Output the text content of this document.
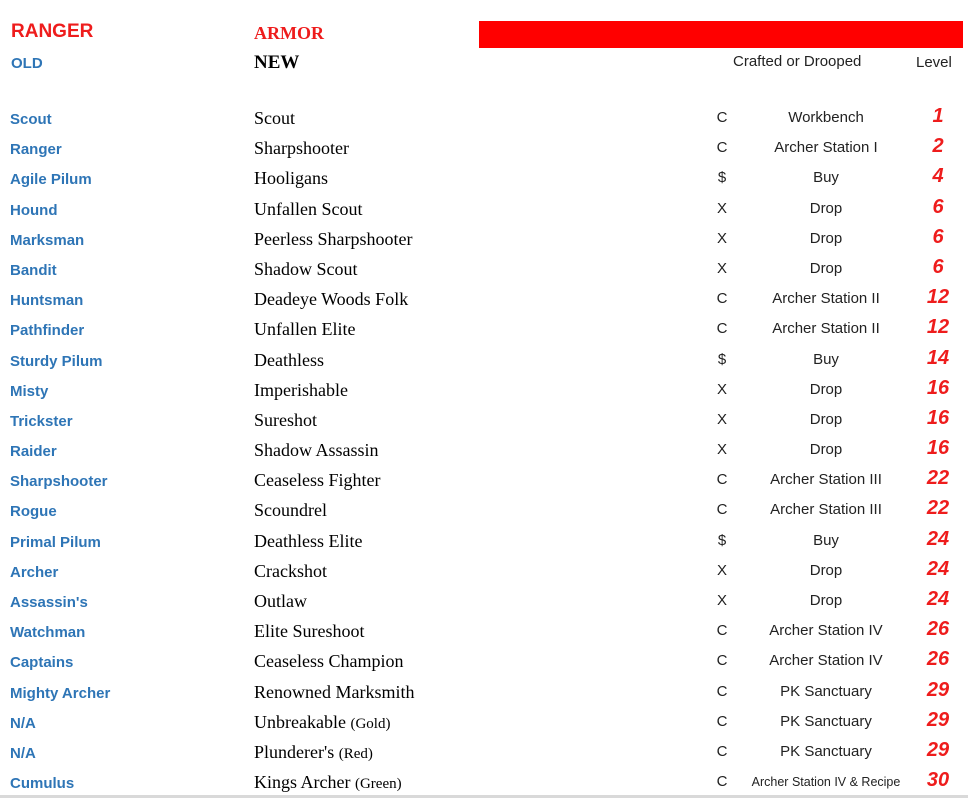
RANGER	ARMOR
OLD	NEW	Crafted or Drooped	Level
Scout	Scout	C	Workbench	1
Ranger	Sharpshooter	C	Archer Station I	2
Agile Pilum	Hooligans	$	Buy	4
Hound	Unfallen Scout	X	Drop	6
Marksman	Peerless Sharpshooter	X	Drop	6
Bandit	Shadow Scout	X	Drop	6
Huntsman	Deadeye Woods Folk	C	Archer Station II	12
Pathfinder	Unfallen Elite	C	Archer Station II	12
Sturdy Pilum	Deathless	$	Buy	14
Misty	Imperishable	X	Drop	16
Trickster	Sureshot	X	Drop	16
Raider	Shadow Assassin	X	Drop	16
Sharpshooter	Ceaseless Fighter	C	Archer Station III	22
Rogue	Scoundrel	C	Archer Station III	22
Primal Pilum	Deathless Elite	$	Buy	24
Archer	Crackshot	X	Drop	24
Assassin's	Outlaw	X	Drop	24
Watchman	Elite Sureshoot	C	Archer Station IV	26
Captains	Ceaseless Champion	C	Archer Station IV	26
Mighty Archer	Renowned Marksmith	C	PK Sanctuary	29
N/A	Unbreakable (Gold)	C	PK Sanctuary	29
N/A	Plunderer's (Red)	C	PK Sanctuary	29
Cumulus	Kings Archer (Green)	C	Archer Station IV & Recipe	30
